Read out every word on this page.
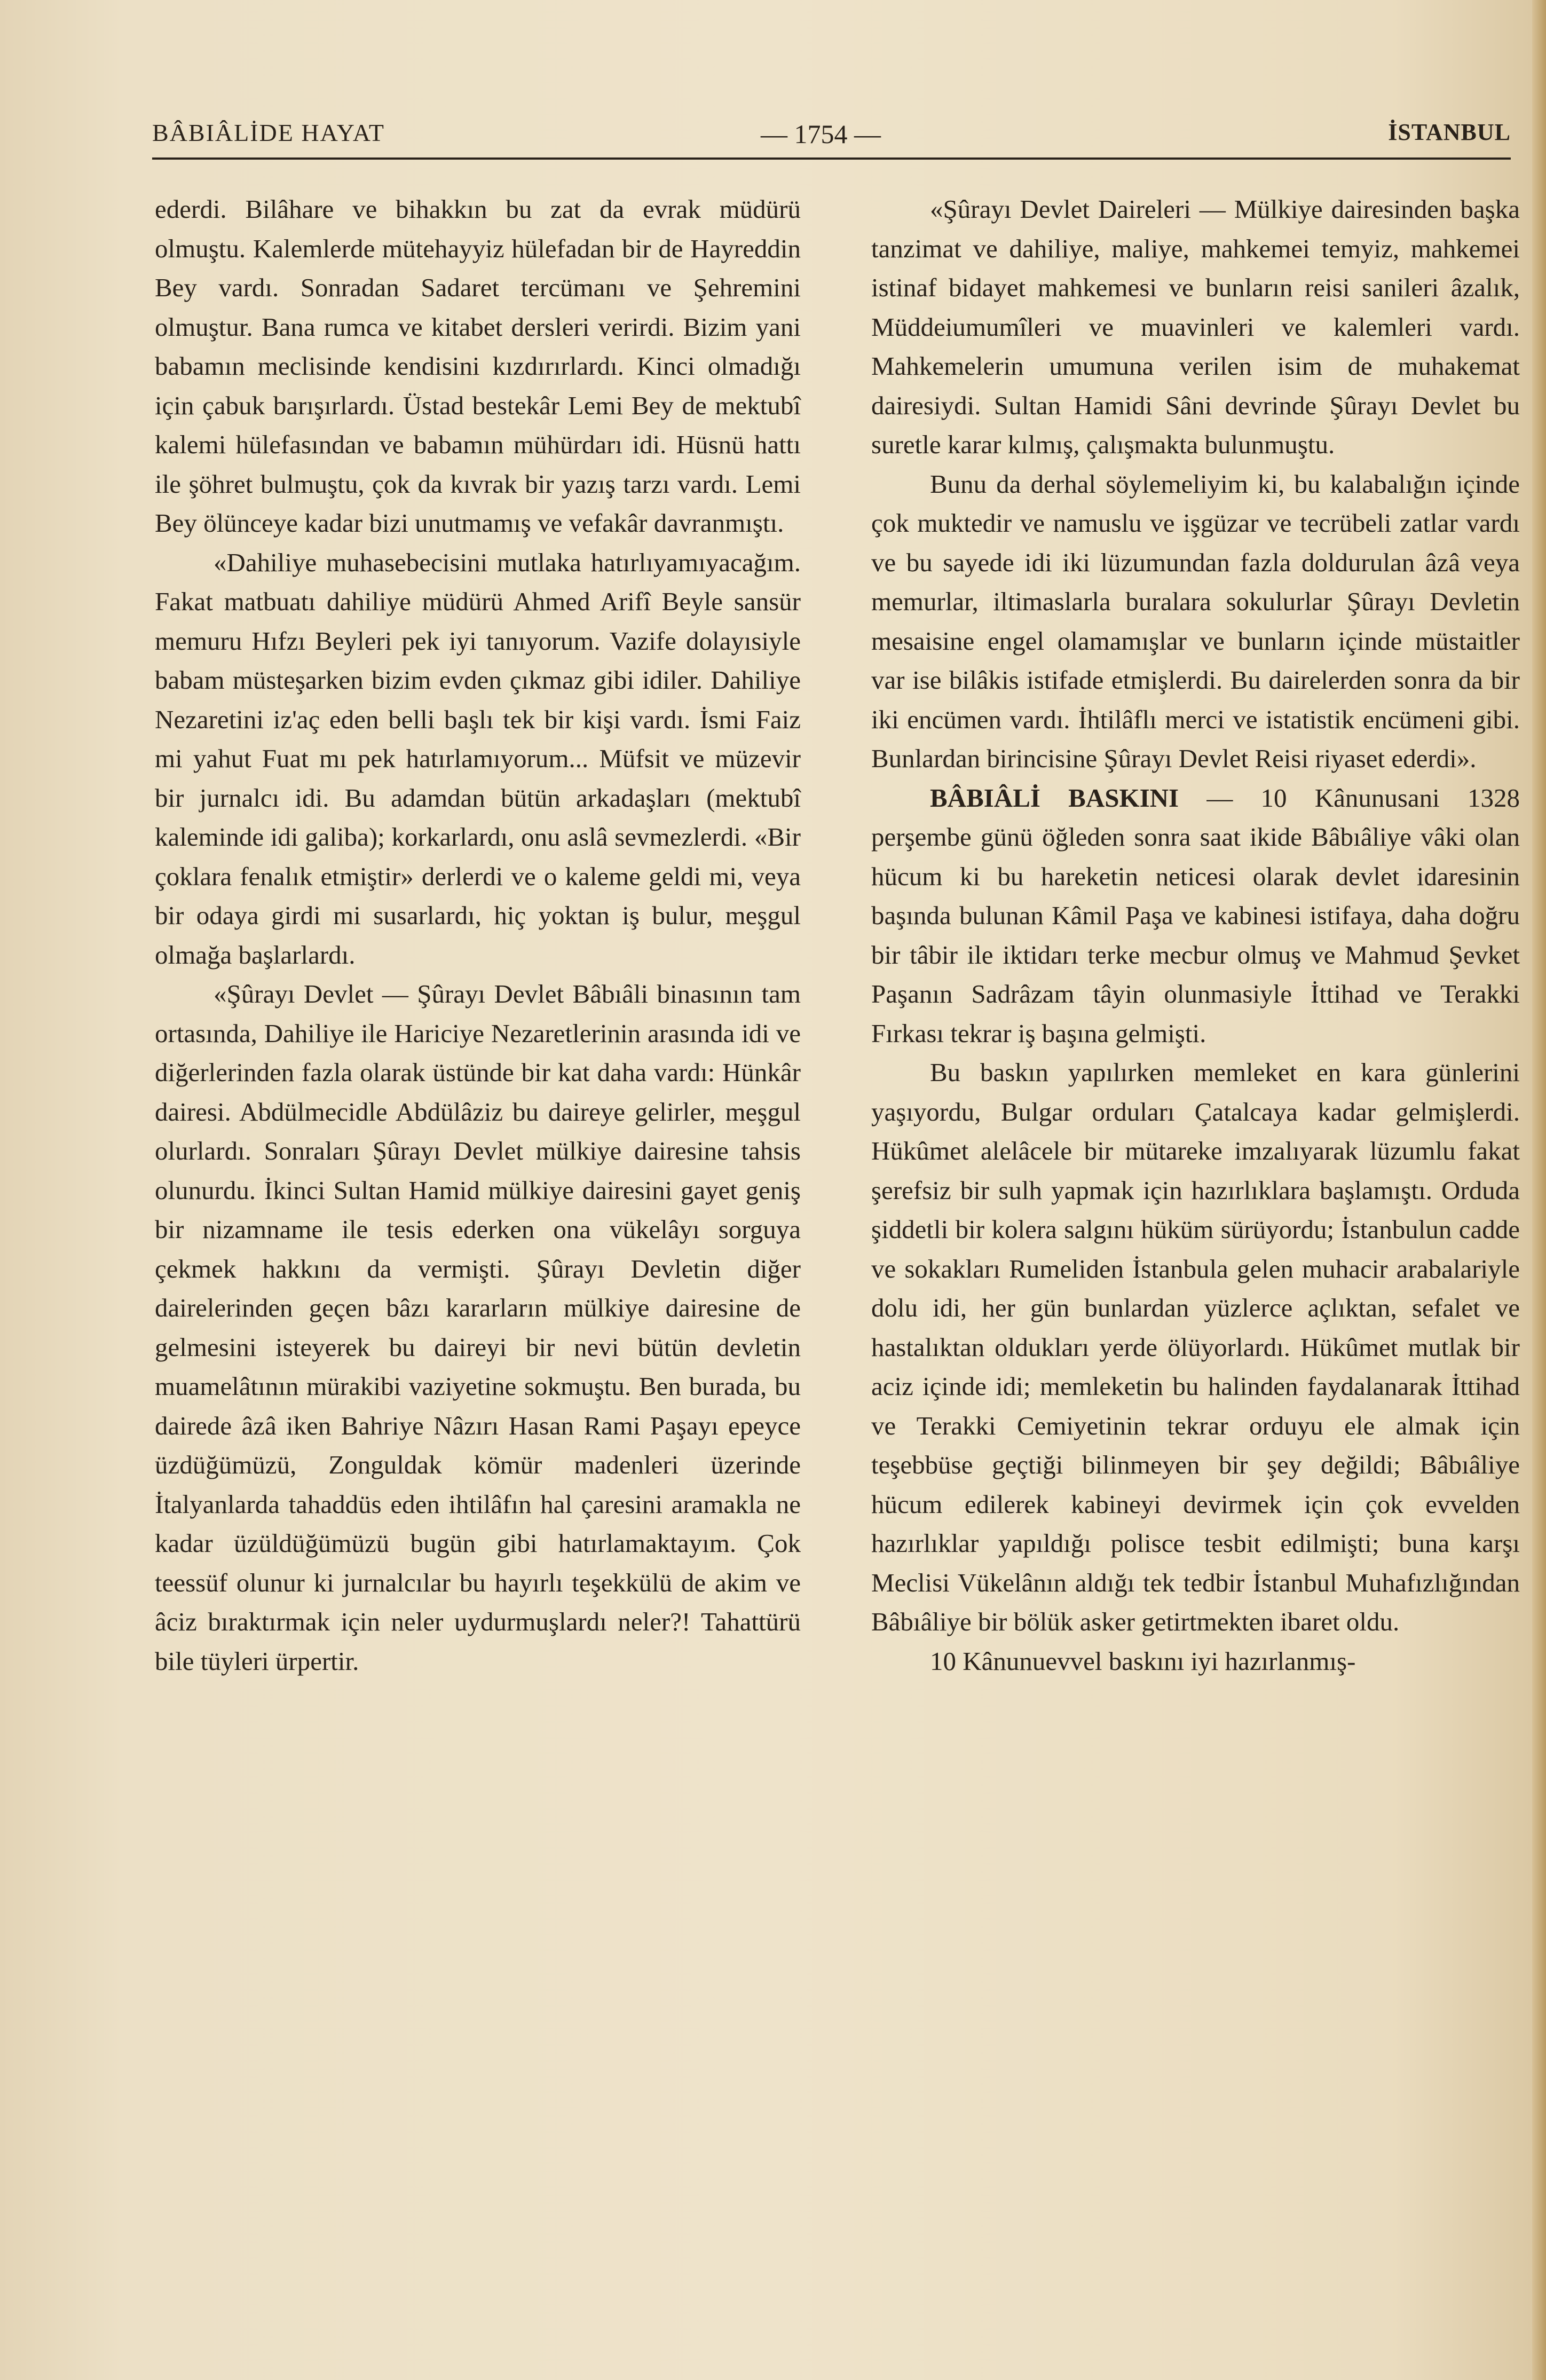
BÂBIÂLİDE HAYAT	— 1754 —	İSTANBUL

ederdi. Bilâhare ve bihakkın bu zat da evrak müdürü olmuştu. Kalemlerde mütehayyiz hülefadan bir de Hayreddin Bey vardı. Sonradan Sadaret tercümanı ve Şehremini olmuştur. Bana rumca ve kitabet dersleri verirdi. Bizim yani babamın meclisinde kendisini kızdırırlardı. Kinci olmadığı için çabuk barışırlardı. Üstad bestekâr Lemi Bey de mektubî kalemi hülefasından ve babamın mühürdarı idi. Hüsnü hattı ile şöhret bulmuştu, çok da kıvrak bir yazış tarzı vardı. Lemi Bey ölünceye kadar bizi unutmamış ve vefakâr davranmıştı.

«Dahiliye muhasebecisini mutlaka hatırlıyamıyacağım. Fakat matbuatı dahiliye müdürü Ahmed Arifî Beyle sansür memuru Hıfzı Beyleri pek iyi tanıyorum. Vazife dolayısiyle babam müsteşarken bizim evden çıkmaz gibi idiler. Dahiliye Nezaretini iz'aç eden belli başlı tek bir kişi vardı. İsmi Faiz mi yahut Fuat mı pek hatırlamıyorum... Müfsit ve müzevir bir jurnalcı idi. Bu adamdan bütün arkadaşları (mektubî kaleminde idi galiba); korkarlardı, onu aslâ sevmezlerdi. «Bir çoklara fenalık etmiştir» derlerdi ve o kaleme geldi mi, veya bir odaya girdi mi susarlardı, hiç yoktan iş bulur, meşgul olmağa başlarlardı.

«Şûrayı Devlet — Şûrayı Devlet Bâbıâli binasının tam ortasında, Dahiliye ile Hariciye Nezaretlerinin arasında idi ve diğerlerinden fazla olarak üstünde bir kat daha vardı: Hünkâr dairesi. Abdülmecidle Abdülâziz bu daireye gelirler, meşgul olurlardı. Sonraları Şûrayı Devlet mülkiye dairesine tahsis olunurdu. İkinci Sultan Hamid mülkiye dairesini gayet geniş bir nizamname ile tesis ederken ona vükelâyı sorguya çekmek hakkını da vermişti. Şûrayı Devletin diğer dairelerinden geçen bâzı kararların mülkiye dairesine de gelmesini isteyerek bu daireyi bir nevi bütün devletin muamelâtının mürakibi vaziyetine sokmuştu. Ben burada, bu dairede âzâ iken Bahriye Nâzırı Hasan Rami Paşayı epeyce üzdüğümüzü, Zonguldak kömür madenleri üzerinde İtalyanlarda tahaddüs eden ihtilâfın hal çaresini aramakla ne kadar üzüldüğümüzü bugün gibi hatırlamaktayım. Çok teessüf olunur ki jurnalcılar bu hayırlı teşekkülü de akim ve âciz bıraktırmak için neler uydurmuşlardı neler?! Tahattürü bile tüyleri ürpertir.

«Şûrayı Devlet Daireleri — Mülkiye dairesinden başka tanzimat ve dahiliye, maliye, mahkemei temyiz, mahkemei istinaf bidayet mahkemesi ve bunların reisi sanileri âzalık, Müddeiumumîleri ve muavinleri ve kalemleri vardı. Mahkemelerin umumuna verilen isim de muhakemat dairesiydi. Sultan Hamidi Sâni devrinde Şûrayı Devlet bu suretle karar kılmış, çalışmakta bulunmuştu.

Bunu da derhal söylemeliyim ki, bu kalabalığın içinde çok muktedir ve namuslu ve işgüzar ve tecrübeli zatlar vardı ve bu sayede idi iki lüzumundan fazla doldurulan âzâ veya memurlar, iltimaslarla buralara sokulurlar Şûrayı Devletin mesaisine engel olamamışlar ve bunların içinde müstaitler var ise bilâkis istifade etmişlerdi. Bu dairelerden sonra da bir iki encümen vardı. İhtilâflı merci ve istatistik encümeni gibi. Bunlardan birincisine Şûrayı Devlet Reisi riyaset ederdi».

BÂBIÂLİ BASKINI — 10 Kânunusani 1328 perşembe günü öğleden sonra saat ikide Bâbıâliye vâki olan hücum ki bu hareketin neticesi olarak devlet idaresinin başında bulunan Kâmil Paşa ve kabinesi istifaya, daha doğru bir tâbir ile iktidarı terke mecbur olmuş ve Mahmud Şevket Paşanın Sadrâzam tâyin olunmasiyle İttihad ve Terakki Fırkası tekrar iş başına gelmişti.

Bu baskın yapılırken memleket en kara günlerini yaşıyordu, Bulgar orduları Çatalcaya kadar gelmişlerdi. Hükûmet alelâcele bir mütareke imzalıyarak lüzumlu fakat şerefsiz bir sulh yapmak için hazırlıklara başlamıştı. Orduda şiddetli bir kolera salgını hüküm sürüyordu; İstanbulun cadde ve sokakları Rumeliden İstanbula gelen muhacir arabalariyle dolu idi, her gün bunlardan yüzlerce açlıktan, sefalet ve hastalıktan oldukları yerde ölüyorlardı. Hükûmet mutlak bir aciz içinde idi; memleketin bu halinden faydalanarak İttihad ve Terakki Cemiyetinin tekrar orduyu ele almak için teşebbüse geçtiği bilinmeyen bir şey değildi; Bâbıâliye hücum edilerek kabineyi devirmek için çok evvelden hazırlıklar yapıldığı polisce tesbit edilmişti; buna karşı Meclisi Vükelânın aldığı tek tedbir İstanbul Muhafızlığından Bâbıâliye bir bölük asker getirtmekten ibaret oldu.

10 Kânunuevvel baskını iyi hazırlanmış-
